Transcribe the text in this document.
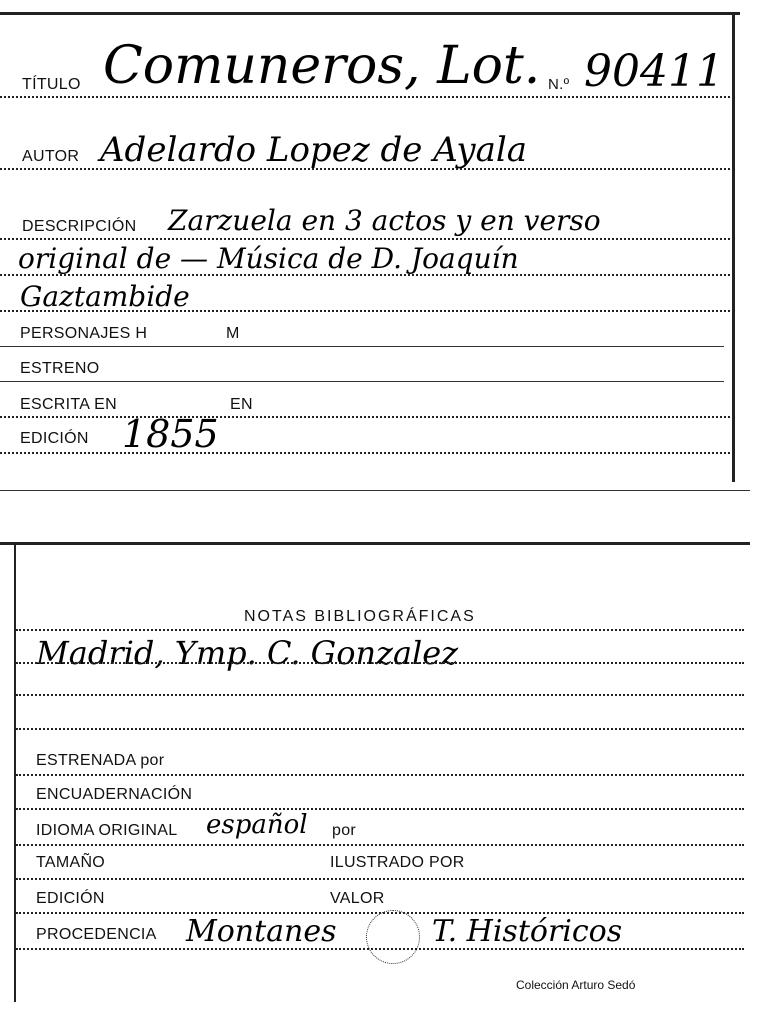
TÍTULO Comuneros, Lot. N.º 90411
AUTOR Adelardo Lopez de Ayala
DESCRIPCIÓN Zarzuela en 3 actos y en verso
original de — Música de D. Joaquín
Gaztambide
PERSONAJES H	M
ESTRENO
ESCRITA EN	EN
EDICIÓN 1855
NOTAS BIBLIOGRÁFICAS
Madrid, Ymp. C. Gonzalez
ESTRENADA por
ENCUADERNACIÓN
IDIOMA ORIGINAL español por
TAMAÑO	ILUSTRADO POR
EDICIÓN	VALOR
PROCEDENCIA Montanes	T. Históricos
Colección Arturo Sedó
